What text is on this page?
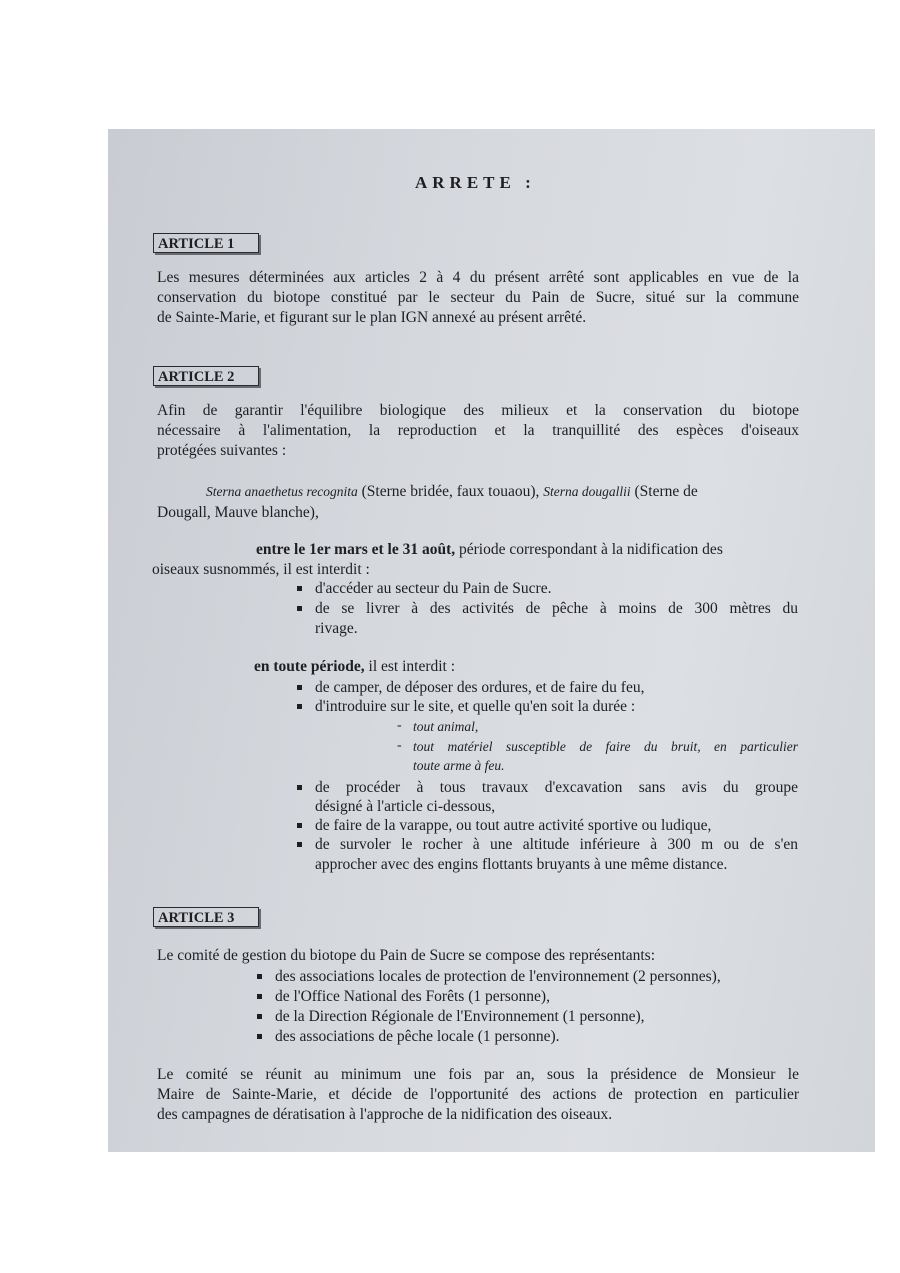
ARRETE :
ARTICLE 1
Les mesures déterminées aux articles 2 à 4 du présent arrêté sont applicables en vue de la
conservation du biotope constitué par le secteur du Pain de Sucre, situé sur la commune
de Sainte-Marie, et figurant sur le plan IGN annexé au présent arrêté.
ARTICLE 2
Afin de garantir l'équilibre biologique des milieux et la conservation du biotope
nécessaire à l'alimentation, la reproduction et la tranquillité des espèces d'oiseaux
protégées suivantes :
Sterna anaethetus recognita (Sterne bridée, faux touaou), Sterna dougallii (Sterne de
Dougall, Mauve blanche),
entre le 1er mars et le 31 août, période correspondant à la nidification des
oiseaux susnommés, il est interdit :
d'accéder au secteur du Pain de Sucre.
de se livrer à des activités de pêche à moins de 300 mètres du
rivage.
en toute période, il est interdit :
de camper, de déposer des ordures, et de faire du feu,
d'introduire sur le site, et quelle qu'en soit la durée :
- tout animal,
- tout matériel susceptible de faire du bruit, en particulier
toute arme à feu.
de procéder à tous travaux d'excavation sans avis du groupe
désigné à l'article ci-dessous,
de faire de la varappe, ou tout autre activité sportive ou ludique,
de survoler le rocher à une altitude inférieure à 300 m ou de s'en
approcher avec des engins flottants bruyants à une même distance.
ARTICLE 3
Le comité de gestion du biotope du Pain de Sucre se compose des représentants:
des associations locales de protection de l'environnement (2 personnes),
de l'Office National des Forêts (1 personne),
de la Direction Régionale de l'Environnement (1 personne),
des associations de pêche locale (1 personne).
Le comité se réunit au minimum une fois par an, sous la présidence de Monsieur le
Maire de Sainte-Marie, et décide de l'opportunité des actions de protection en particulier
des campagnes de dératisation à l'approche de la nidification des oiseaux.
